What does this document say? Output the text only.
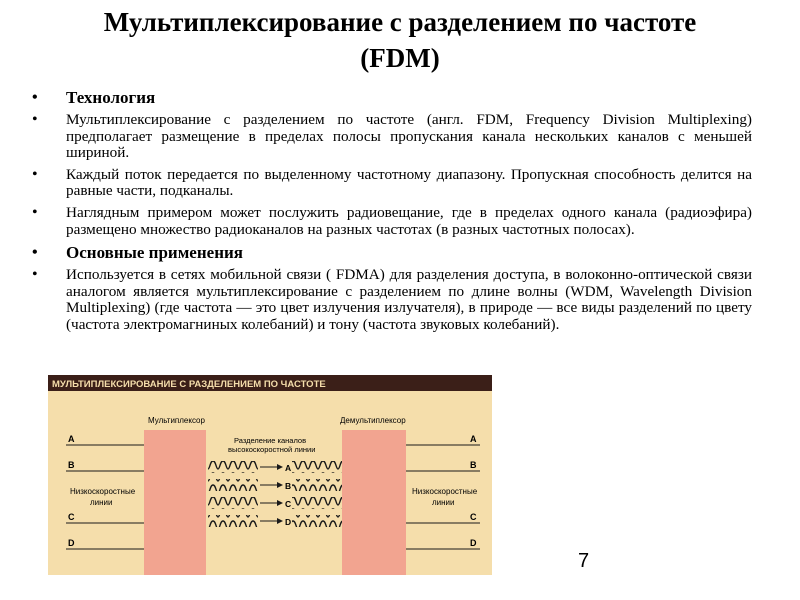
Мультиплексирование с разделением по частоте
(FDM)
• Технология
• Мультиплексирование с разделением по частоте (англ. FDM, Frequency Division Multiplexing) предполагает размещение в пределах полосы пропускания канала нескольких каналов с меньшей шириной.
• Каждый поток передается по выделенному частотному диапазону. Пропускная способность делится на равные части, подканалы.
• Наглядным примером может послужить радиовещание, где в пределах одного канала (радиоэфира) размещено множество радиоканалов на разных частотах (в разных частотных полосах).
• Основные применения
• Используется в сетях мобильной связи ( FDMA) для разделения доступа, в волоконно-оптической связи аналогом является мультиплексирование с разделением по длине волны (WDM, Wavelength Division Multiplexing) (где частота — это цвет излучения излучателя), в природе — все виды разделений по цвету (частота электромагниных колебаний) и тону (частота звуковых колебаний).
МУЛЬТИПЛЕКСИРОВАНИЕ С РАЗДЕЛЕНИЕМ ПО ЧАСТОТЕ
A
B
C
D
Низкоскоростные
линии
A
B
C
D
Низкоскоростные
линии
Мультиплексор	Демультиплексор
Разделение каналов
высокоскоростной линии
A
B
C
D
7
